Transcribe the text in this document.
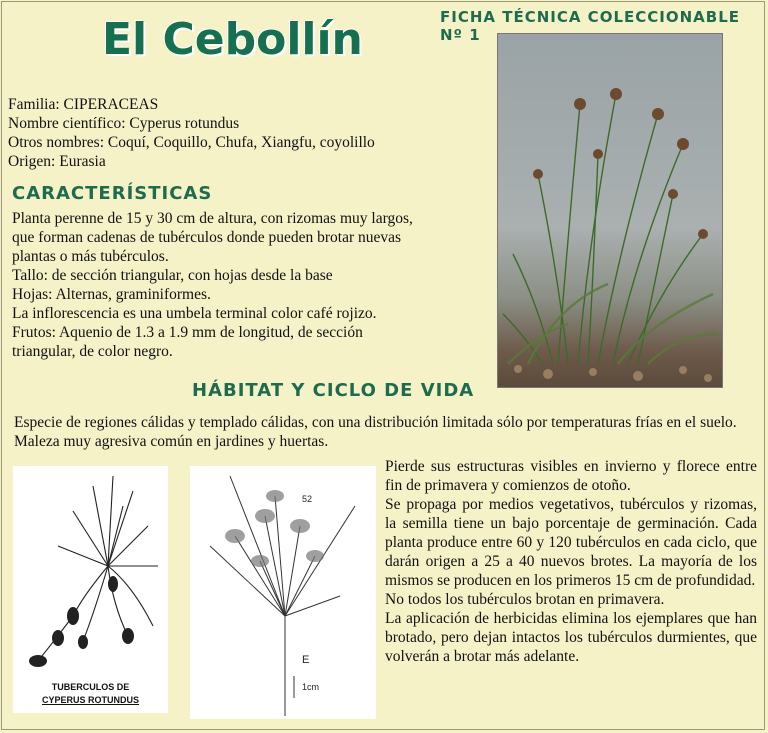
FICHA TÉCNICA COLECCIONABLE Nº 1
El Cebollín
Familia: CIPERACEAS
Nombre científico: Cyperus rotundus
Otros nombres: Coquí, Coquillo, Chufa, Xiangfu, coyolillo
Origen: Eurasia
CARACTERÍSTICAS
Planta perenne de 15 y 30 cm de altura, con rizomas muy largos,
que forman cadenas de tubérculos donde pueden brotar nuevas
plantas o más tubérculos.
Tallo: de sección triangular, con hojas desde la base
Hojas: Alternas, graminiformes.
La inflorescencia es una umbela terminal color café rojizo.
Frutos: Aquenio de 1.3 a 1.9 mm de longitud, de sección
triangular, de color negro.
HÁBITAT Y CICLO DE VIDA
Especie de regiones cálidas y templado cálidas, con una distribución limitada sólo por temperaturas frías en el suelo. Maleza muy agresiva común en jardines y huertas.
TUBERCULOS DE
CYPERUS ROTUNDUS
52
E
1cm
Pierde sus estructuras visibles en invierno y florece entre fin de primavera y comienzos de otoño.
Se propaga por medios vegetativos, tubérculos y rizomas, la semilla tiene un bajo porcentaje de germinación. Cada planta produce entre 60 y 120 tubérculos en cada ciclo, que darán origen a 25 a 40 nuevos brotes. La mayoría de los mismos se producen en los primeros 15 cm de profundidad.
No todos los tubérculos brotan en primavera.
La aplicación de herbicidas elimina los ejemplares que han brotado, pero dejan intactos los tubérculos durmientes, que volverán a brotar más adelante.
